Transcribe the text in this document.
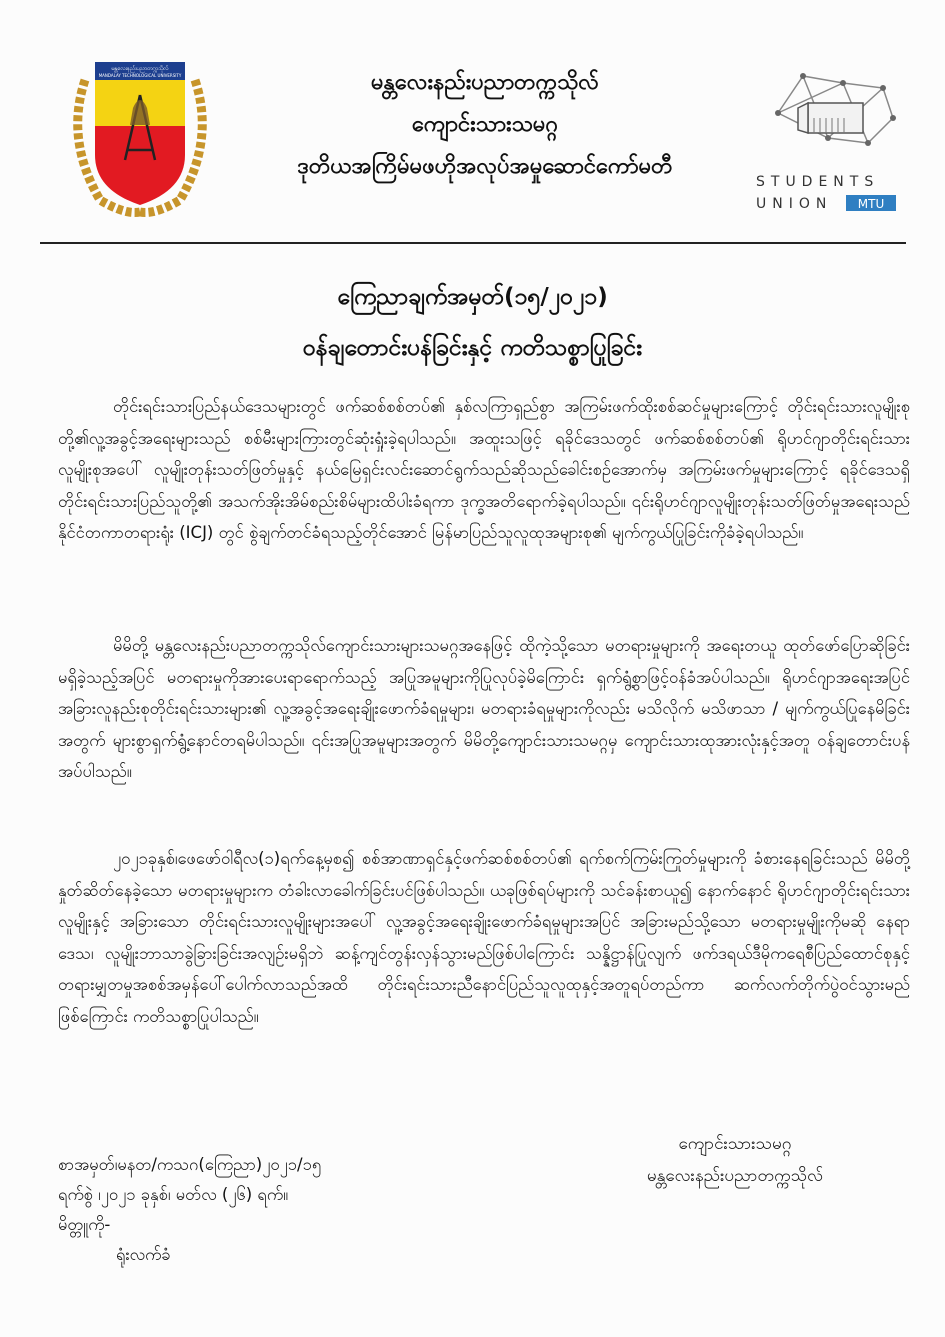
မန္တလေးနည်းပညာတက္ကသိုလ်
MANDALAY TECHNOLOGICAL UNIVERSITY	မန္တလေးနည်းပညာတက္ကသိုလ်
ကျောင်းသားသမဂ္ဂ
ဒုတိယအကြိမ်မဖဟိုအလုပ်အမှုဆောင်ကော်မတီ
STUDENTS
UNION MTU
ကြေညာချက်အမှတ်(၁၅/၂၀၂၁)
ဝန်ချတောင်းပန်ခြင်းနှင့် ကတိသစ္စာပြုခြင်း
တိုင်းရင်းသားပြည်နယ်ဒေသများတွင် ဖက်ဆစ်စစ်တပ်၏ နှစ်လကြာရှည်စွာ အကြမ်းဖက်ထိုးစစ်ဆင်မှုများကြောင့် တိုင်းရင်းသားလူမျိုးစုတို့၏လူ့အခွင့်အရေးများသည် စစ်မီးများကြားတွင်ဆုံးရှုံးခဲ့ရပါသည်။ အထူးသဖြင့် ရခိုင်ဒေသတွင် ဖက်ဆစ်စစ်တပ်၏ ရိုဟင်ဂျာတိုင်းရင်းသားလူမျိုးစုအပေါ် လူမျိုးတုန်းသတ်ဖြတ်မှုနှင့် နယ်မြေရှင်းလင်းဆောင်ရွက်သည်ဆိုသည်ခေါင်းစဉ်အောက်မှ အကြမ်းဖက်မှုများကြောင့် ရခိုင်ဒေသရှိတိုင်းရင်းသားပြည်သူတို့၏ အသက်အိုးအိမ်စည်းစိမ်များထိပါးခံရကာ ဒုက္ခအတိရောက်ခဲ့ရပါသည်။ ၎င်းရိုဟင်ဂျာလူမျိုးတုန်းသတ်ဖြတ်မှုအရေးသည် နိုင်ငံတကာတရားရုံး (ICJ) တွင် စွဲချက်တင်ခံရသည့်တိုင်အောင် မြန်မာပြည်သူလူထုအများစု၏ မျက်ကွယ်ပြုခြင်းကိုခံခဲ့ရပါသည်။
မိမိတို့ မန္တလေးနည်းပညာတက္ကသိုလ်ကျောင်းသားများသမဂ္ဂအနေဖြင့် ထိုကဲ့သို့သော မတရားမှုများကို အရေးတယူ ထုတ်ဖော်ပြောဆိုခြင်းမရှိခဲ့သည့်အပြင် မတရားမှုကိုအားပေးရာရောက်သည့် အပြုအမူများကိုပြုလုပ်ခဲ့မိကြောင်း ရှက်ရွံ့စွာဖြင့်ဝန်ခံအပ်ပါသည်။ ရိုဟင်ဂျာအရေးအပြင် အခြားလူနည်းစုတိုင်းရင်းသားများ၏ လူ့အခွင့်အရေးချိုးဖောက်ခံရမှုများ၊ မတရားခံရမှုများကိုလည်း မသိလိုက် မသိဖာသာ / မျက်ကွယ်ပြုနေမိခြင်းအတွက် များစွာရှက်ရွံ့နောင်တရမိပါသည်။ ၎င်းအပြုအမူများအတွက် မိမိတို့ကျောင်းသားသမဂ္ဂမှ ကျောင်းသားထုအားလုံးနှင့်အတူ ဝန်ချတောင်းပန်အပ်ပါသည်။
၂၀၂၁ခုနှစ်၊ဖေဖော်ဝါရီလ(၁)ရက်နေ့မှစ၍ စစ်အာဏာရှင်နှင့်ဖက်ဆစ်စစ်တပ်၏ ရက်စက်ကြမ်းကြုတ်မှုများကို ခံစားနေရခြင်းသည် မိမိတို့နှုတ်ဆိတ်နေခဲ့သော မတရားမှုများက တံခါးလာခေါက်ခြင်းပင်ဖြစ်ပါသည်။ ယခုဖြစ်ရပ်များကို သင်ခန်းစာယူ၍ နောက်နောင် ရိုဟင်ဂျာတိုင်းရင်းသားလူမျိုးနှင့် အခြားသော တိုင်းရင်းသားလူမျိုးများအပေါ် လူ့အခွင့်အရေးချိုးဖောက်ခံရမှုများအပြင် အခြားမည်သို့သော မတရားမှုမျိုးကိုမဆို နေရာဒေသ၊ လူမျိုးဘာသာခွဲခြားခြင်းအလျဉ်းမရှိဘဲ ဆန့်ကျင်တွန်းလှန်သွားမည်ဖြစ်ပါကြောင်း သန္နိဋ္ဌာန်ပြုလျက် ဖက်ဒရယ်ဒီမိုကရေစီပြည်ထောင်စုနှင့် တရားမျှတမှုအစစ်အမှန်ပေါ်ပေါက်လာသည်အထိ တိုင်းရင်းသားညီနောင်ပြည်သူလူထုနှင့်အတူရပ်တည်ကာ ဆက်လက်တိုက်ပွဲဝင်သွားမည်ဖြစ်ကြောင်း ကတိသစ္စာပြုပါသည်။
စာအမှတ်၊မနတ/ကသဂ(ကြေညာ)၂၀၂၁/၁၅
ရက်စွဲ ၊၂၀၂၁ ခုနှစ်၊ မတ်လ (၂၆) ရက်။
မိတ္တူကို-
ရုံးလက်ခံ
ကျောင်းသားသမဂ္ဂ
မန္တလေးနည်းပညာတက္ကသိုလ်
